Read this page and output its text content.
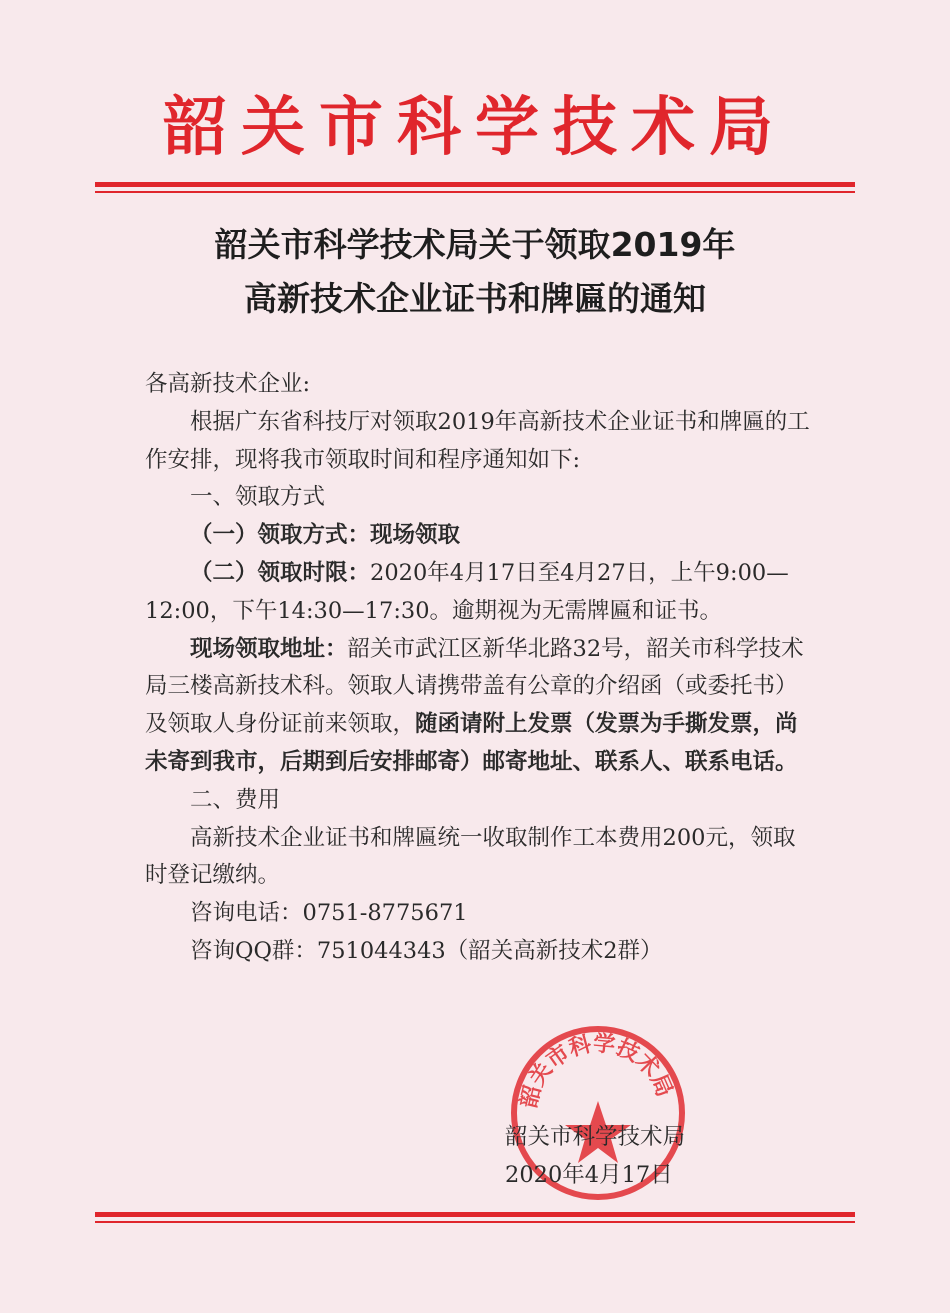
韶关市科学技术局
韶关市科学技术局关于领取2019年
高新技术企业证书和牌匾的通知

各高新技术企业:

根据广东省科技厅对领取2019年高新技术企业证书和牌匾的工作安排，现将我市领取时间和程序通知如下:

一、领取方式

（一）领取方式：现场领取

（二）领取时限：2020年4月17日至4月27日，上午9:00—12:00，下午14:30—17:30。逾期视为无需牌匾和证书。

现场领取地址：韶关市武江区新华北路32号，韶关市科学技术局三楼高新技术科。领取人请携带盖有公章的介绍函（或委托书）及领取人身份证前来领取，随函请附上发票（发票为手撕发票，尚未寄到我市，后期到后安排邮寄）邮寄地址、联系人、联系电话。

二、费用

高新技术企业证书和牌匾统一收取制作工本费用200元，领取时登记缴纳。

咨询电话：0751-8775671

咨询QQ群：751044343（韶关高新技术2群）

韶关市科学技术局
韶关市科学技术局
2020年4月17日
